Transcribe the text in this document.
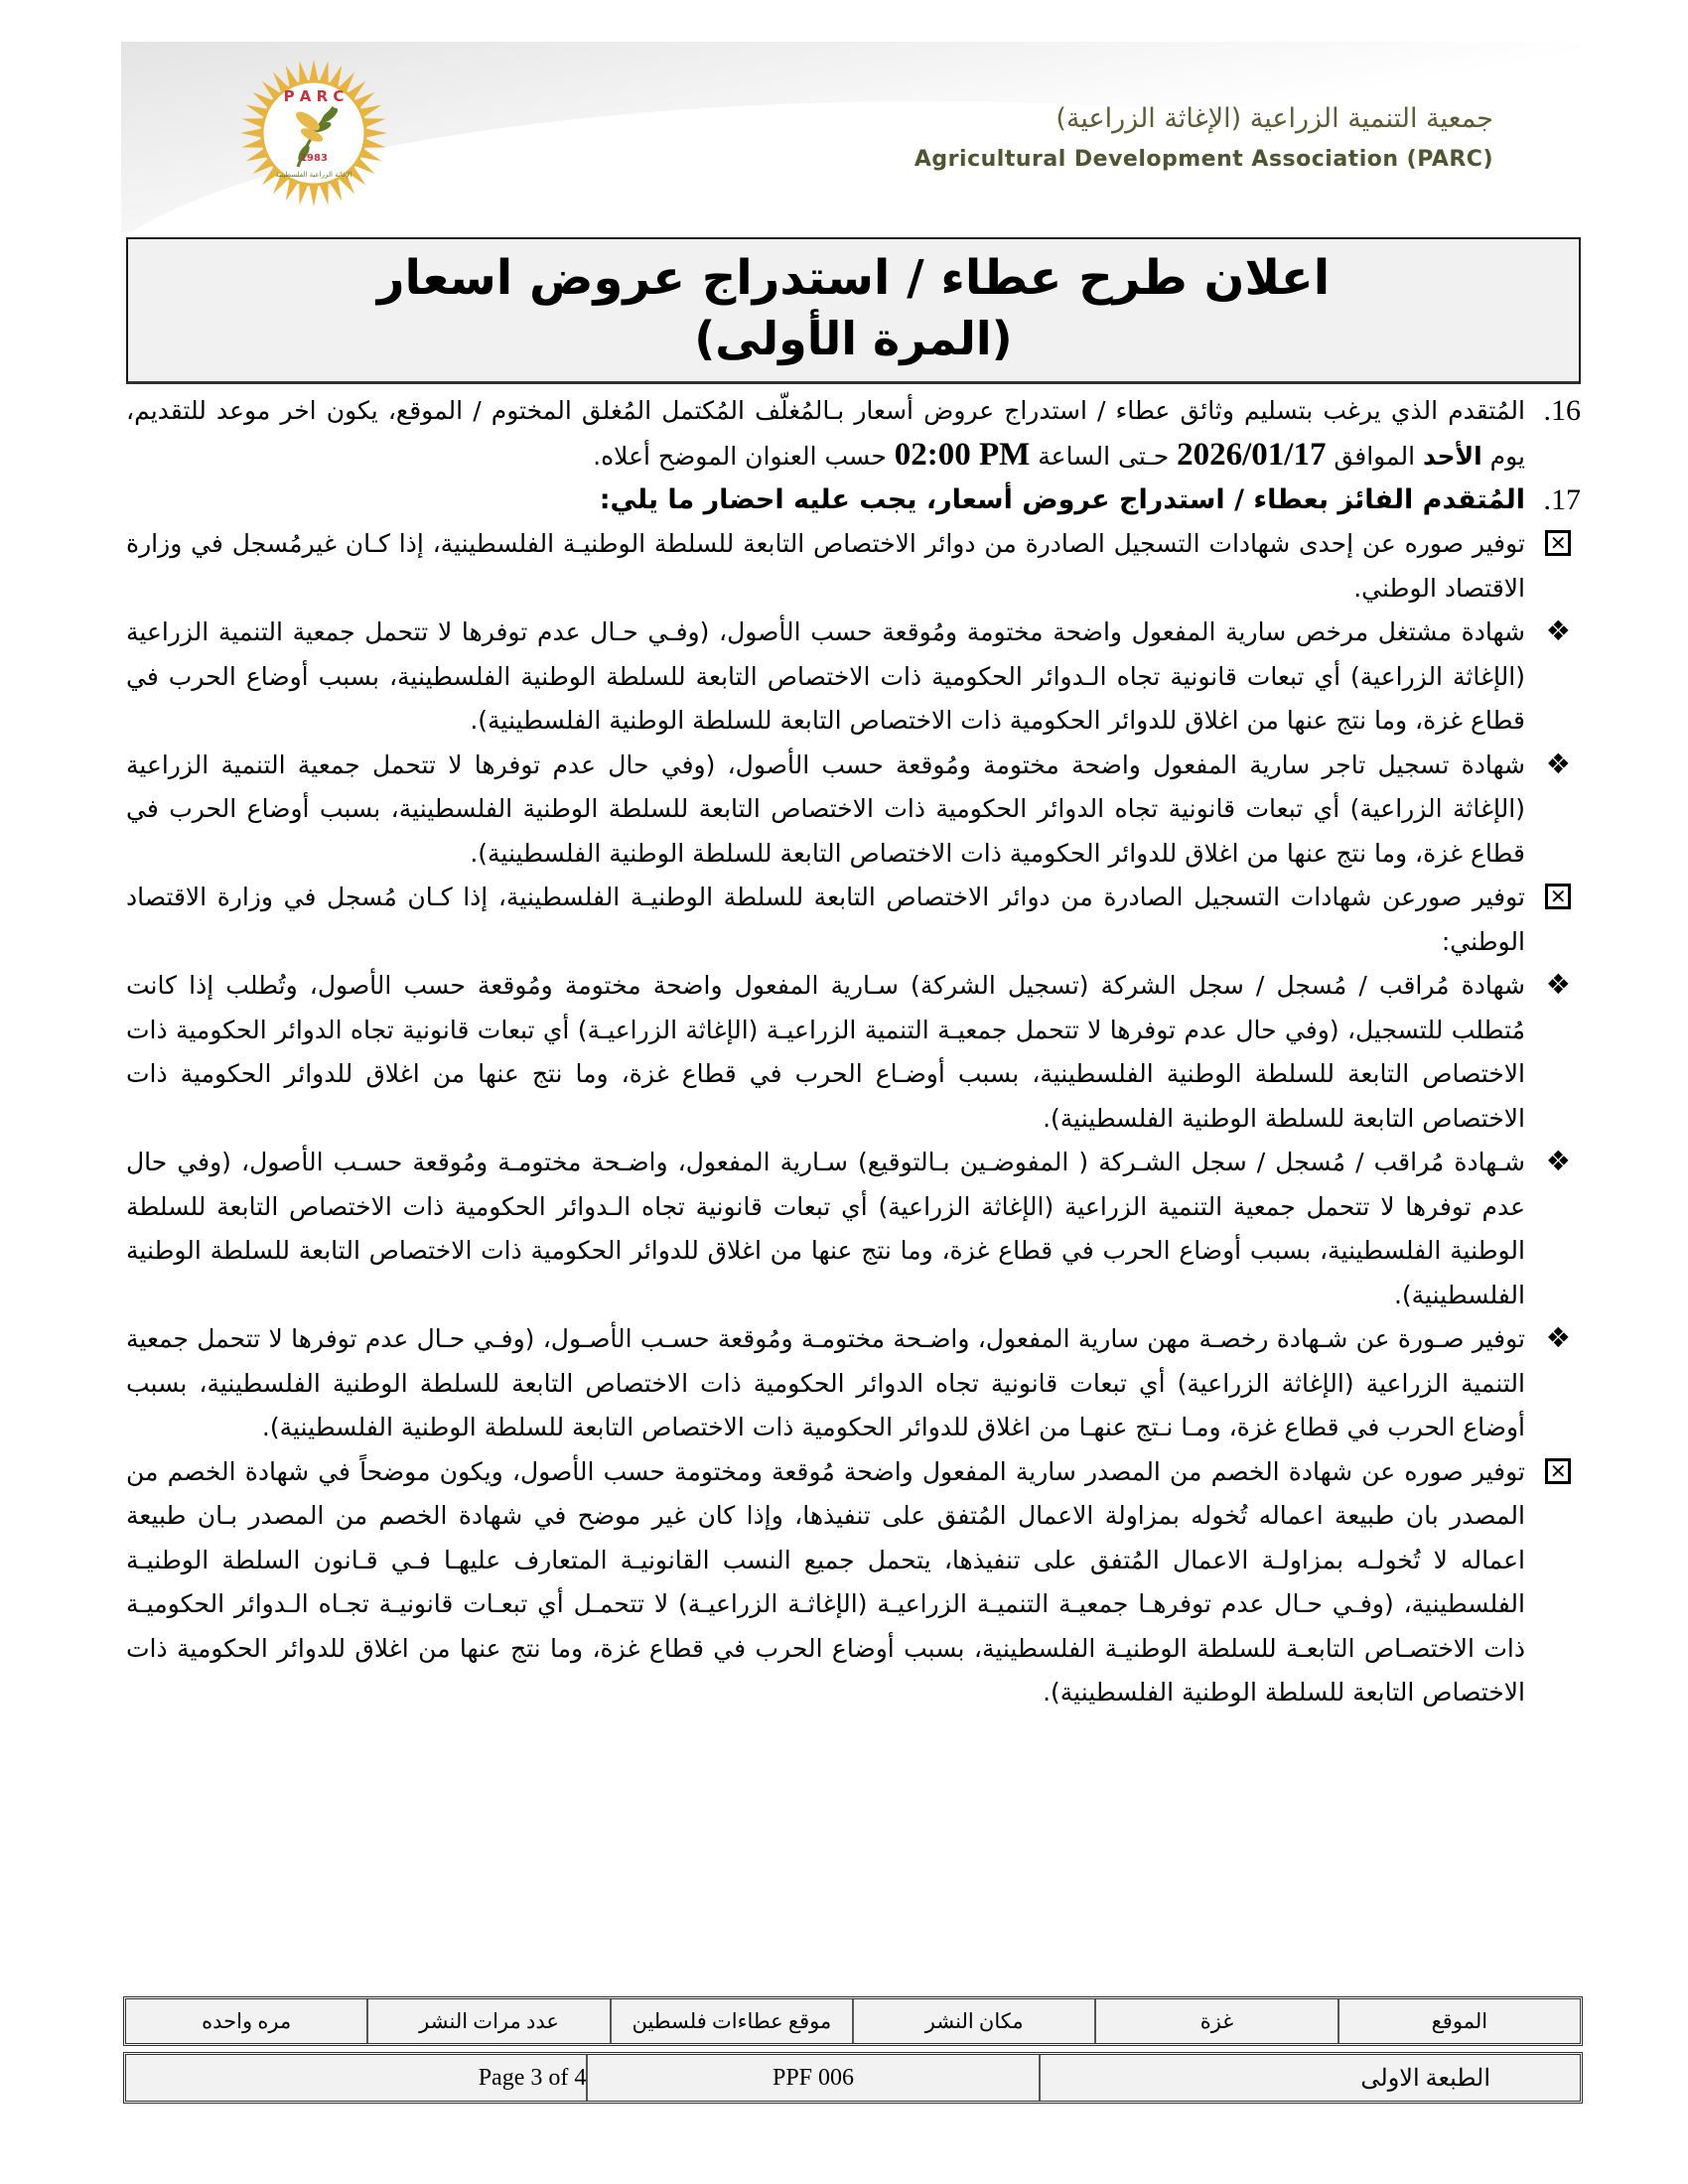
P A R C
1983
الإغاثة الزراعية الفلسطينية
جمعية التنمية الزراعية (الإغاثة الزراعية)
Agricultural Development Association (PARC)
اعلان طرح عطاء / استدراج عروض اسعار
(المرة الأولى)
16.
المُتقدم الذي يرغب بتسليم وثائق عطاء / استدراج عروض أسعار بـالمُغلّف المُكتمل المُغلق المختوم / الموقع، يكون اخر موعد للتقديم، يوم الأحد الموافق 2026/01/17 حـتى الساعة 02:00 PM حسب العنوان الموضح أعلاه.
17.
المُتقدم الفائز بعطاء / استدراج عروض أسعار، يجب عليه احضار ما يلي:
✕
توفير صوره عن إحدى شهادات التسجيل الصادرة من دوائر الاختصاص التابعة للسلطة الوطنيـة الفلسطينية، إذا كـان غيرمُسجل في وزارة الاقتصاد الوطني.
❖
شهادة مشتغل مرخص سارية المفعول واضحة مختومة ومُوقعة حسب الأصول، (وفـي حـال عدم توفرها لا تتحمل جمعية التنمية الزراعية (الإغاثة الزراعية) أي تبعات قانونية تجاه الـدوائر الحكومية ذات الاختصاص التابعة للسلطة الوطنية الفلسطينية، بسبب أوضاع الحرب في قطاع غزة، وما نتج عنها من اغلاق للدوائر الحكومية ذات الاختصاص التابعة للسلطة الوطنية الفلسطينية).
❖
شهادة تسجيل تاجر سارية المفعول واضحة مختومة ومُوقعة حسب الأصول، (وفي حال عدم توفرها لا تتحمل جمعية التنمية الزراعية (الإغاثة الزراعية) أي تبعات قانونية تجاه الدوائر الحكومية ذات الاختصاص التابعة للسلطة الوطنية الفلسطينية، بسبب أوضاع الحرب في قطاع غزة، وما نتج عنها من اغلاق للدوائر الحكومية ذات الاختصاص التابعة للسلطة الوطنية الفلسطينية).
✕
توفير صورعن شهادات التسجيل الصادرة من دوائر الاختصاص التابعة للسلطة الوطنيـة الفلسطينية، إذا كـان مُسجل في وزارة الاقتصاد الوطني:
❖
شهادة مُراقب / مُسجل / سجل الشركة (تسجيل الشركة) سـارية المفعول واضحة مختومة ومُوقعة حسب الأصول، وتُطلب إذا كانت مُتطلب للتسجيل، (وفي حال عدم توفرها لا تتحمل جمعيـة التنمية الزراعيـة (الإغاثة الزراعيـة) أي تبعات قانونية تجاه الدوائر الحكومية ذات الاختصاص التابعة للسلطة الوطنية الفلسطينية، بسبب أوضـاع الحرب في قطاع غزة، وما نتج عنها من اغلاق للدوائر الحكومية ذات الاختصاص التابعة للسلطة الوطنية الفلسطينية).
❖
شـهادة مُراقب / مُسجل / سجل الشـركة ( المفوضـين بـالتوقيع) سـارية المفعول، واضـحة مختومـة ومُوقعة حسـب الأصول، (وفي حال عدم توفرها لا تتحمل جمعية التنمية الزراعية (الإغاثة الزراعية) أي تبعات قانونية تجاه الـدوائر الحكومية ذات الاختصاص التابعة للسلطة الوطنية الفلسطينية، بسبب أوضاع الحرب في قطاع غزة، وما نتج عنها من اغلاق للدوائر الحكومية ذات الاختصاص التابعة للسلطة الوطنية الفلسطينية).
❖
توفير صـورة عن شـهادة رخصـة مهن سارية المفعول، واضـحة مختومـة ومُوقعة حسـب الأصـول، (وفـي حـال عدم توفرها لا تتحمل جمعية التنمية الزراعية (الإغاثة الزراعية) أي تبعات قانونية تجاه الدوائر الحكومية ذات الاختصاص التابعة للسلطة الوطنية الفلسطينية، بسبب أوضاع الحرب في قطاع غزة، ومـا نـتج عنهـا من اغلاق للدوائر الحكومية ذات الاختصاص التابعة للسلطة الوطنية الفلسطينية).
✕
توفير صوره عن شهادة الخصم من المصدر سارية المفعول واضحة مُوقعة ومختومة حسب الأصول، ويكون موضحاً في شهادة الخصم من المصدر بان طبيعة اعماله تُخوله بمزاولة الاعمال المُتفق على تنفيذها، وإذا كان غير موضح في شهادة الخصم من المصدر بـان طبيعة اعماله لا تُخولـه بمزاولـة الاعمال المُتفق على تنفيذها، يتحمل جميع النسب القانونيـة المتعارف عليهـا فـي قـانون السلطة الوطنيـة الفلسطينية، (وفـي حـال عدم توفرهـا جمعيـة التنميـة الزراعيـة (الإغاثـة الزراعيـة) لا تتحمـل أي تبعـات قانونيـة تجـاه الـدوائر الحكوميـة ذات الاختصـاص التابعـة للسلطة الوطنيـة الفلسطينية، بسبب أوضاع الحرب في قطاع غزة، وما نتج عنها من اغلاق للدوائر الحكومية ذات الاختصاص التابعة للسلطة الوطنية الفلسطينية).
الموقع
غزة
مكان النشر
موقع عطاءات فلسطين
عدد مرات النشر
مره واحده
الطبعة الاولى
PPF 006
Page 3 of 4
